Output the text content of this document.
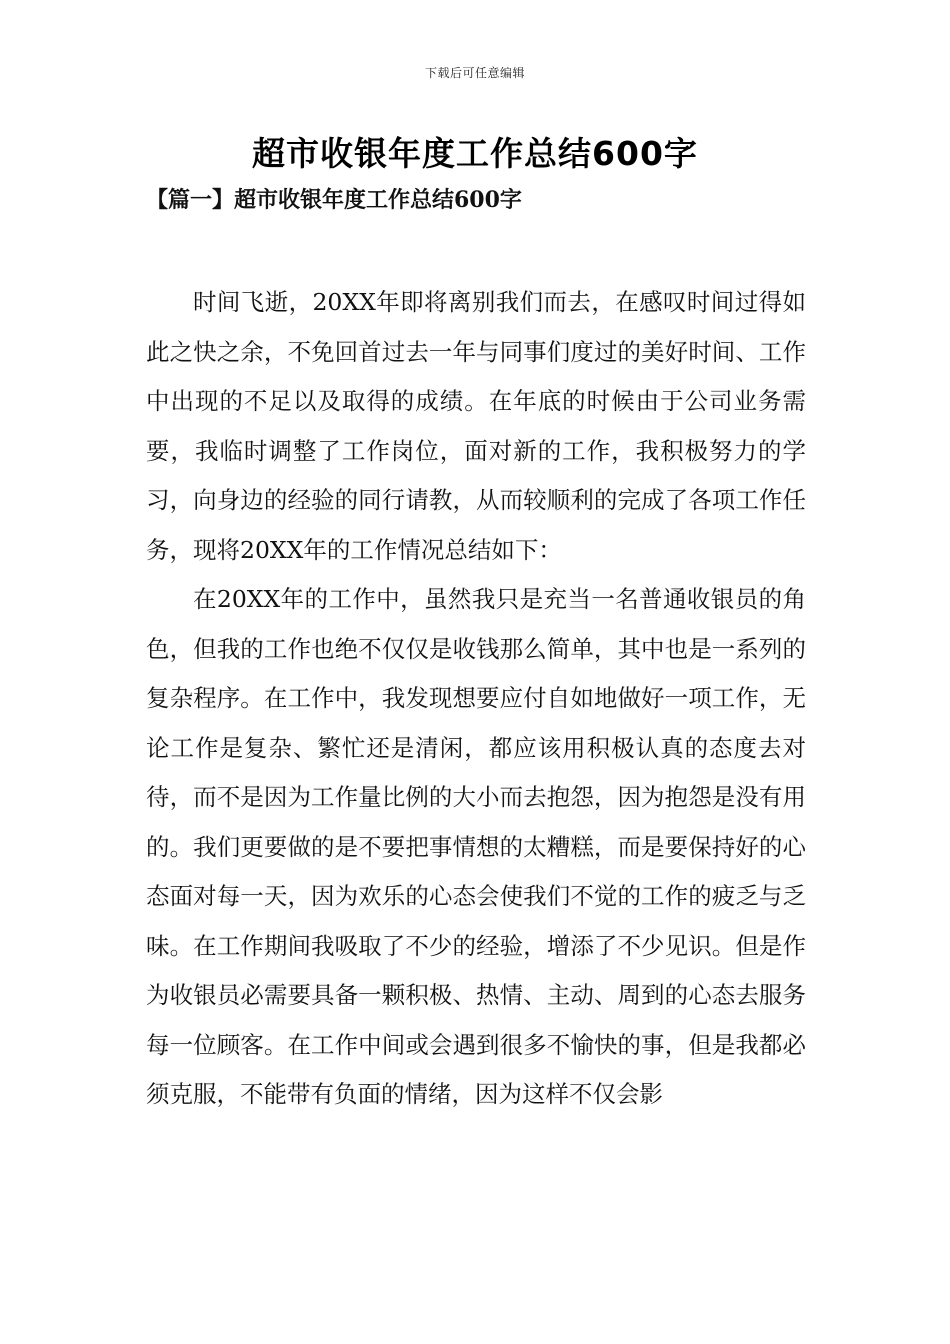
下载后可任意编辑
超市收银年度工作总结600字
【篇一】超市收银年度工作总结600字

时间飞逝，20XX年即将离别我们而去，在感叹时间过得如此之快之余，不免回首过去一年与同事们度过的美好时间、工作中出现的不足以及取得的成绩。在年底的时候由于公司业务需要，我临时调整了工作岗位，面对新的工作，我积极努力的学习，向身边的经验的同行请教，从而较顺利的完成了各项工作任务，现将20XX年的工作情况总结如下：

在20XX年的工作中，虽然我只是充当一名普通收银员的角色，但我的工作也绝不仅仅是收钱那么简单，其中也是一系列的复杂程序。在工作中，我发现想要应付自如地做好一项工作，无论工作是复杂、繁忙还是清闲，都应该用积极认真的态度去对待，而不是因为工作量比例的大小而去抱怨，因为抱怨是没有用的。我们更要做的是不要把事情想的太糟糕，而是要保持好的心态面对每一天，因为欢乐的心态会使我们不觉的工作的疲乏与乏味。在工作期间我吸取了不少的经验，增添了不少见识。但是作为收银员必需要具备一颗积极、热情、主动、周到的心态去服务每一位顾客。在工作中间或会遇到很多不愉快的事，但是我都必须克服，不能带有负面的情绪，因为这样不仅会影
